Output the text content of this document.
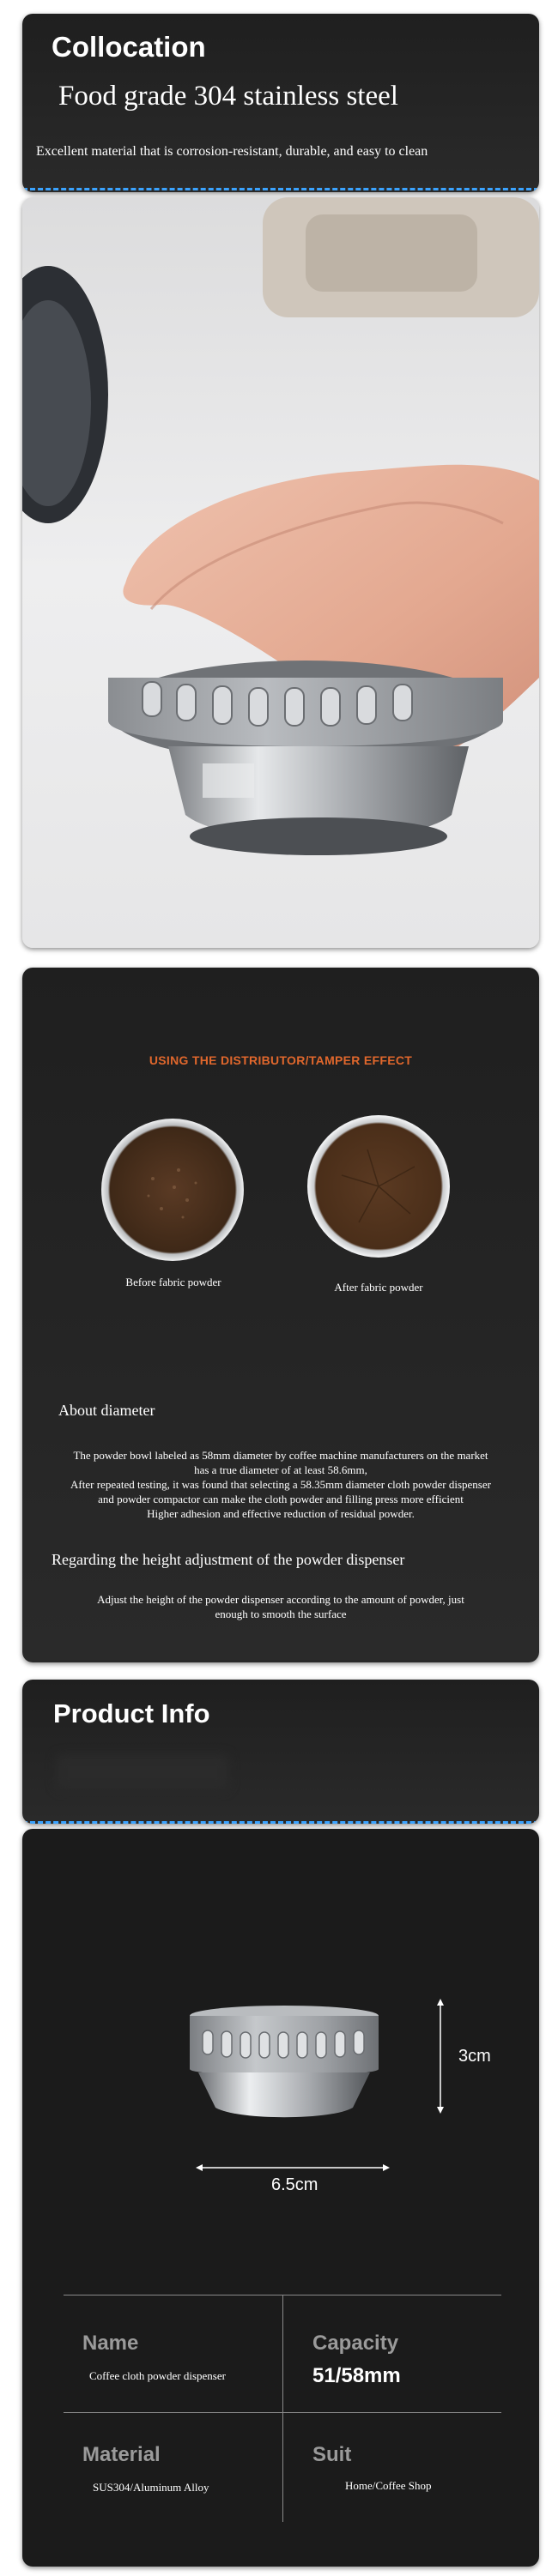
Collocation
Food grade 304 stainless steel
Excellent material that is corrosion-resistant, durable, and easy to clean
USING THE DISTRIBUTOR/TAMPER EFFECT
Before fabric powder	After fabric powder
About diameter
The powder bowl labeled as 58mm diameter by coffee machine manufacturers on the market
has a true diameter of at least 58.6mm,
After repeated testing, it was found that selecting a 58.35mm diameter cloth powder dispenser
and powder compactor can make the cloth powder and filling press more efficient
Higher adhesion and effective reduction of residual powder.
Regarding the height adjustment of the powder dispenser
Adjust the height of the powder dispenser according to the amount of powder, just
enough to smooth the surface
Product Info
3cm
6.5cm
Name
Coffee cloth powder dispenser
Capacity
51/58mm
Material
SUS304/Aluminum Alloy
Suit
Home/Coffee Shop
